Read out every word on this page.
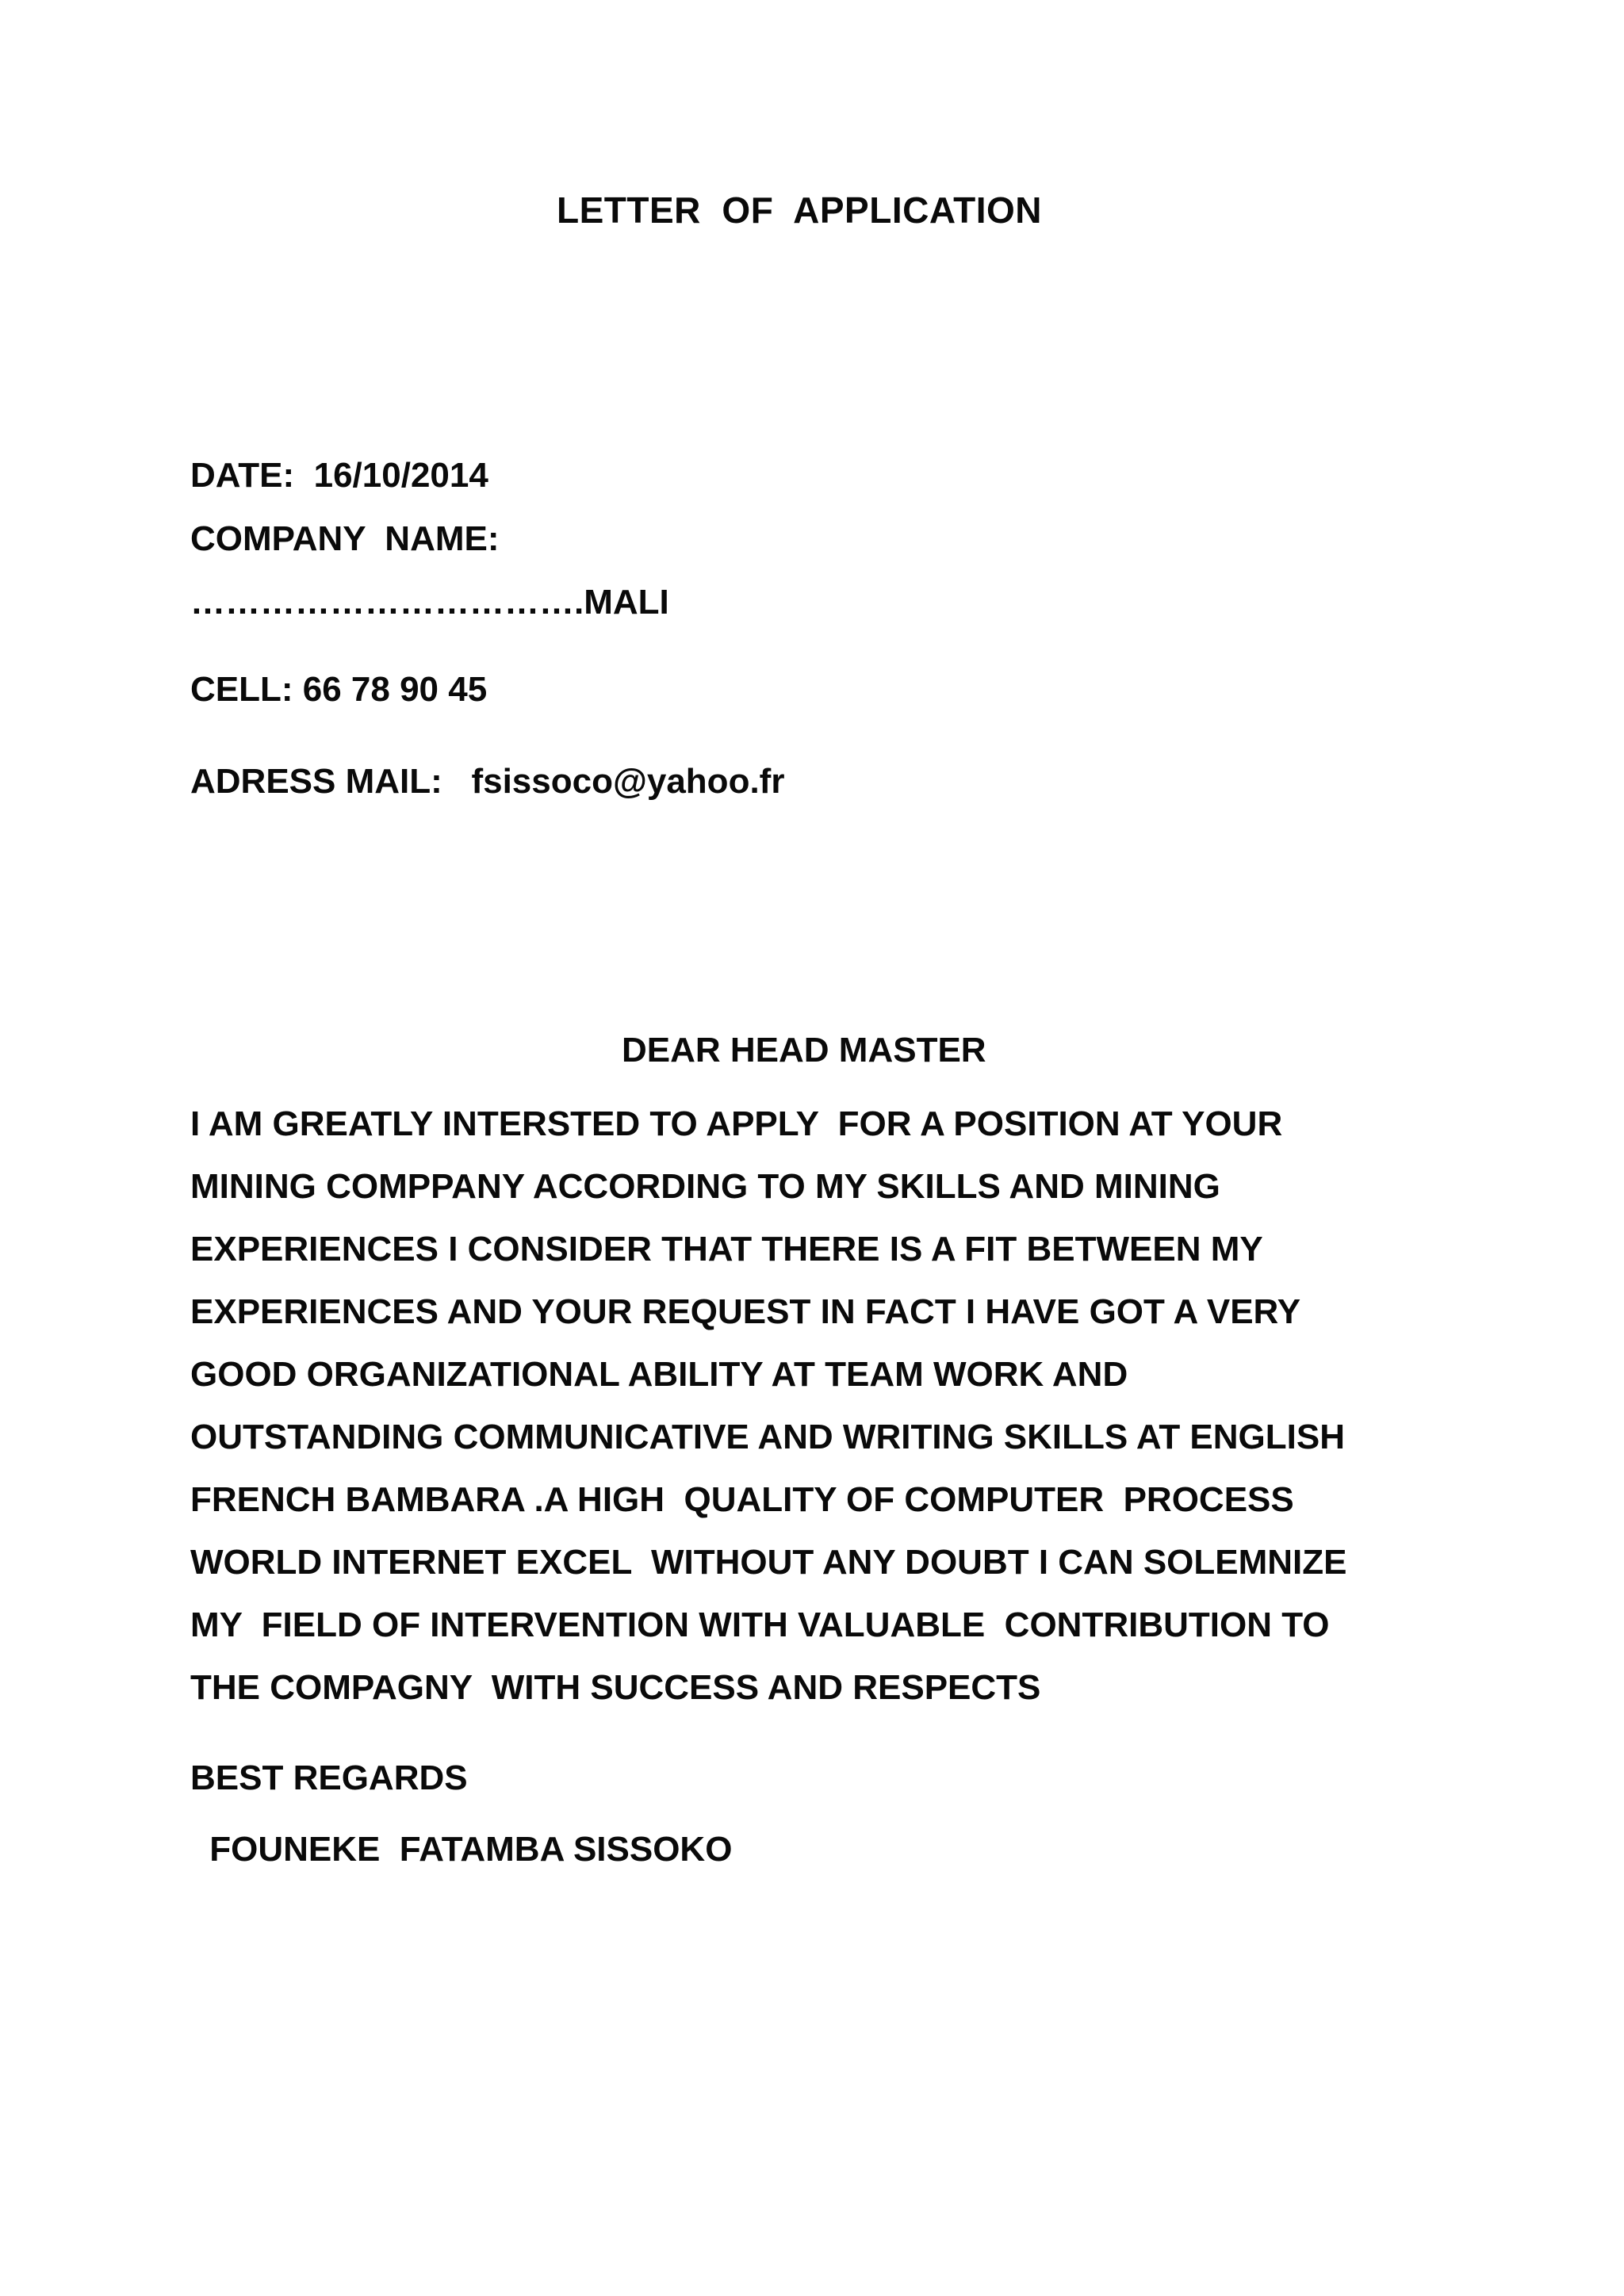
LETTER  OF  APPLICATION
DATE:  16/10/2014
COMPANY  NAME:
…………………………….MALI
CELL: 66 78 90 45
ADRESS MAIL:   fsissoco@yahoo.fr
DEAR HEAD MASTER
I AM GREATLY INTERSTED TO APPLY  FOR A POSITION AT YOUR
MINING COMPPANY ACCORDING TO MY SKILLS AND MINING
EXPERIENCES I CONSIDER THAT THERE IS A FIT BETWEEN MY
EXPERIENCES AND YOUR REQUEST IN FACT I HAVE GOT A VERY
GOOD ORGANIZATIONAL ABILITY AT TEAM WORK AND
OUTSTANDING COMMUNICATIVE AND WRITING SKILLS AT ENGLISH
FRENCH BAMBARA .A HIGH  QUALITY OF COMPUTER  PROCESS
WORLD INTERNET EXCEL  WITHOUT ANY DOUBT I CAN SOLEMNIZE
MY  FIELD OF INTERVENTION WITH VALUABLE  CONTRIBUTION TO
THE COMPAGNY  WITH SUCCESS AND RESPECTS
BEST REGARDS
FOUNEKE  FATAMBA SISSOKO
